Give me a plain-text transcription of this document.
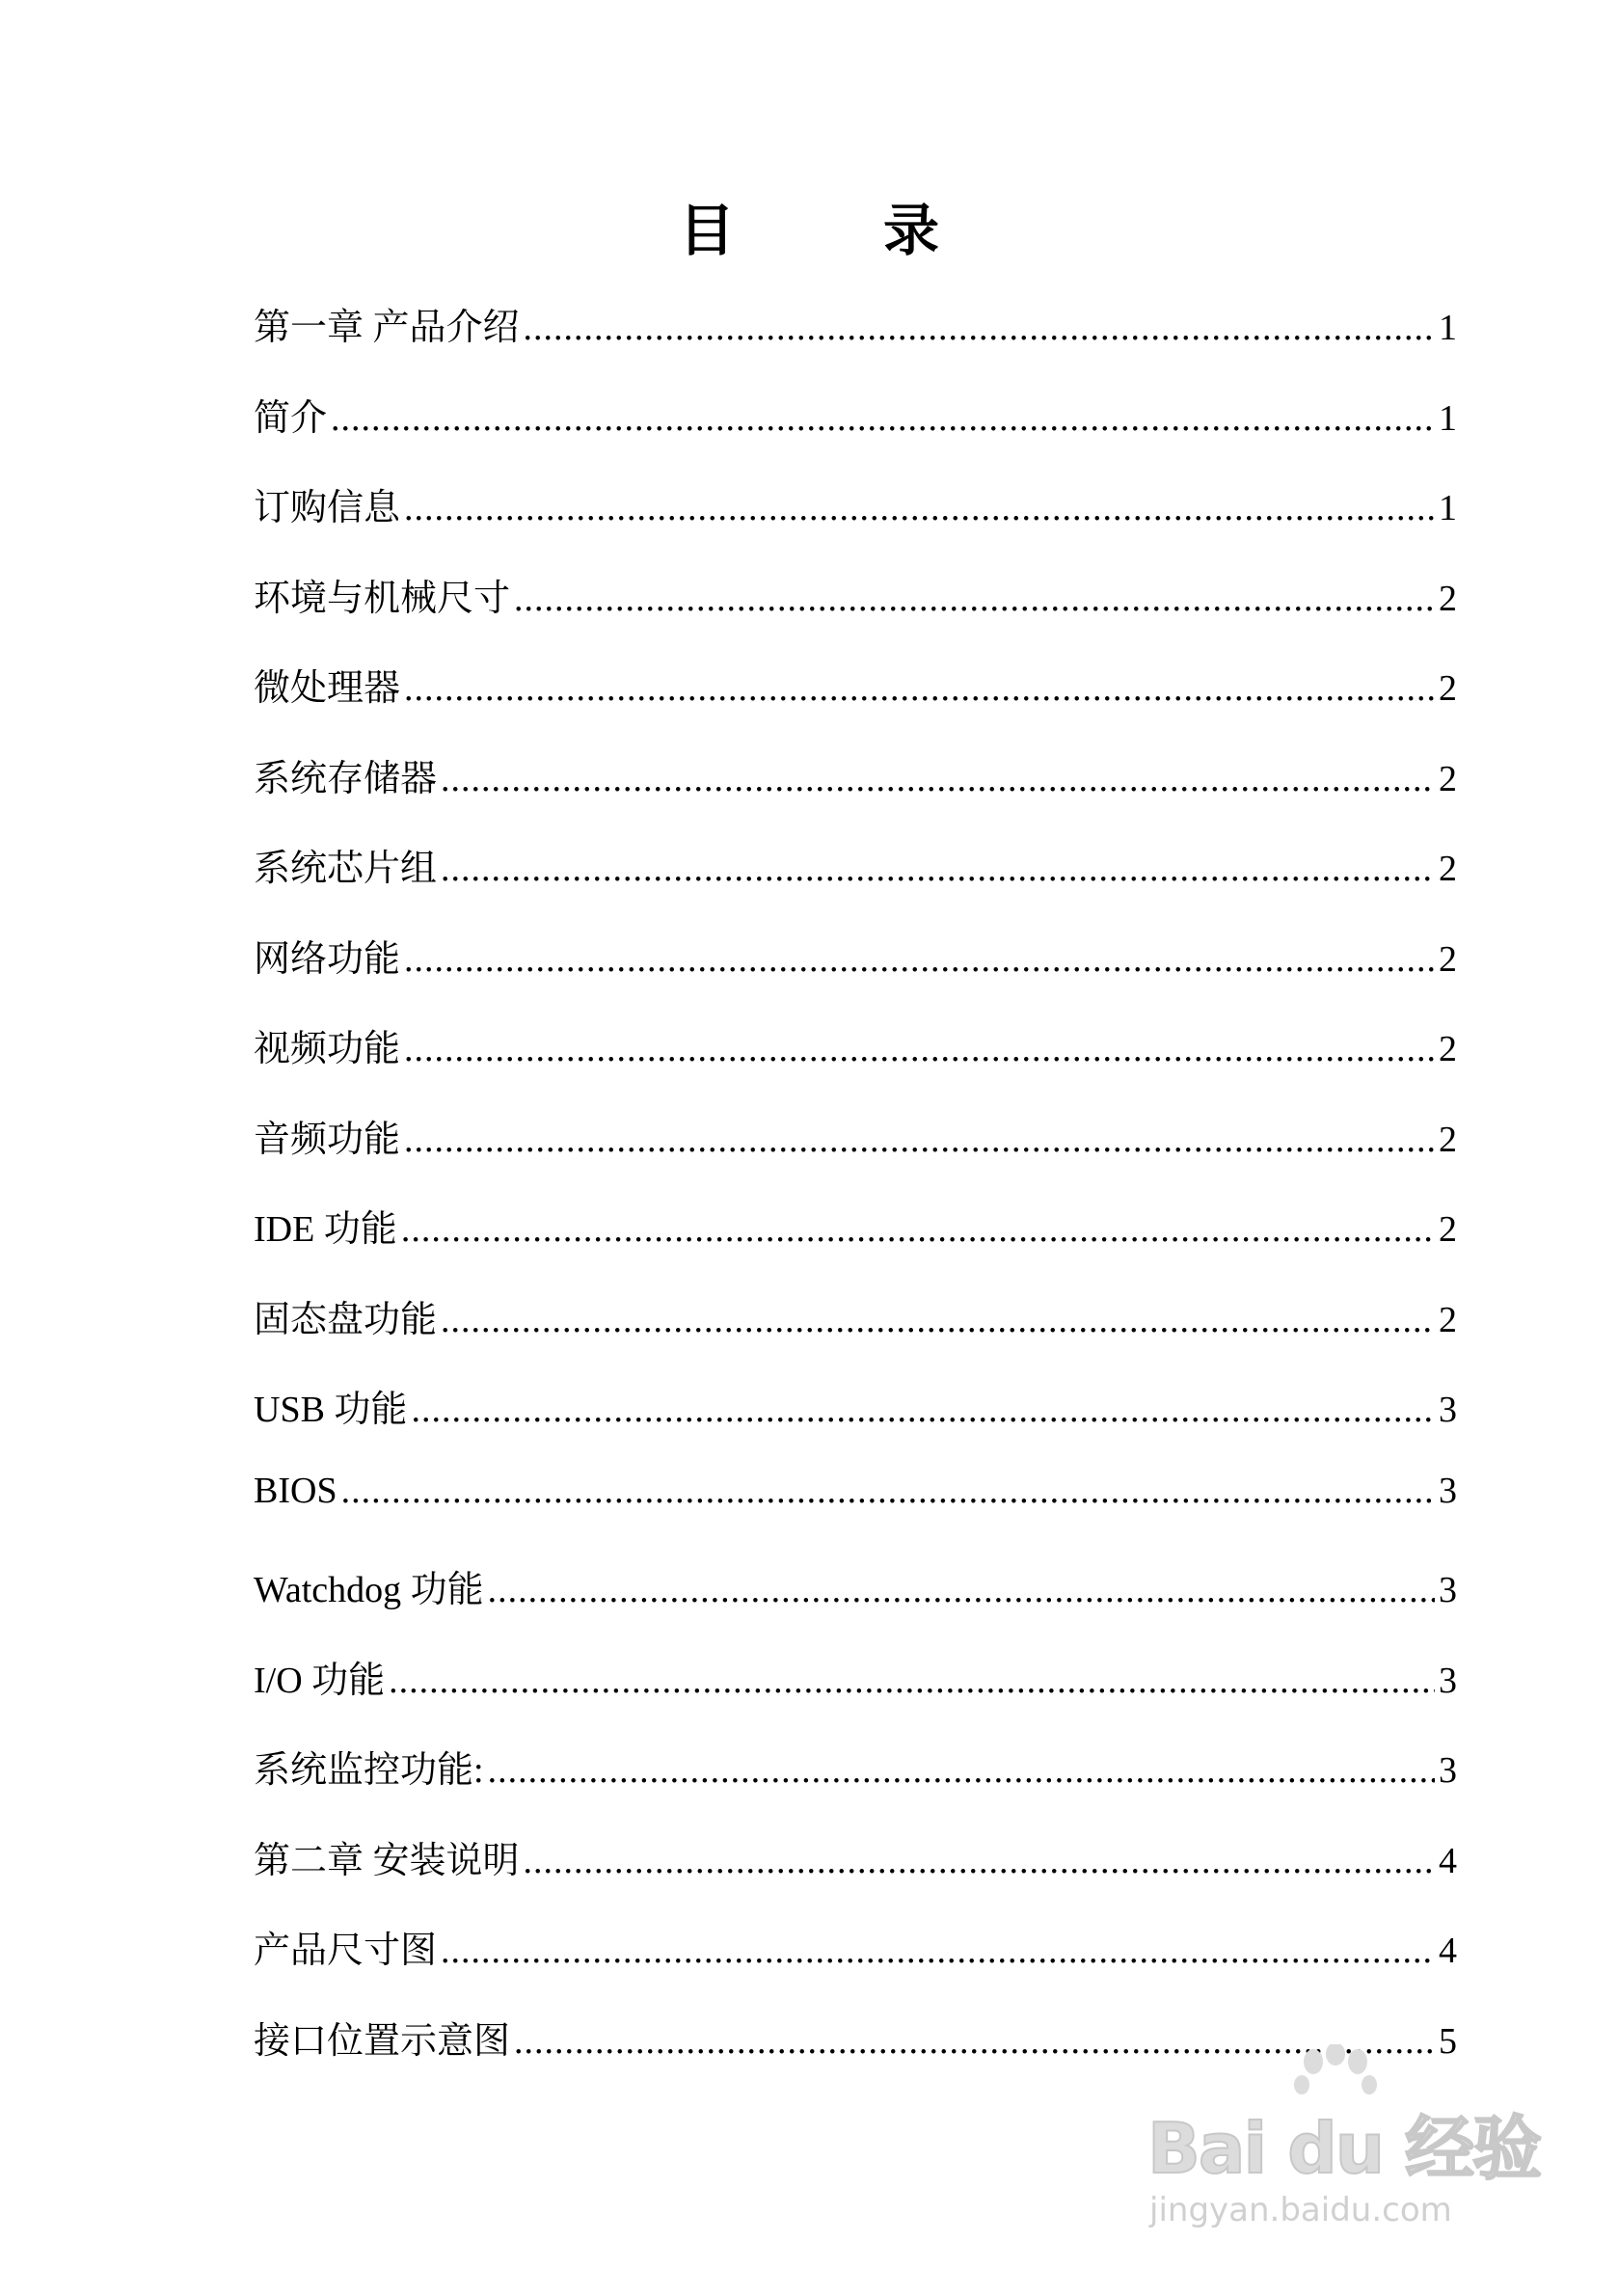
目　录
第一章 产品介绍 .....	1
简介 .....	1
订购信息 .....	1
环境与机械尺寸 .....	2
微处理器 .....	2
系统存储器 .....	2
系统芯片组 .....	2
网络功能 .....	2
视频功能 .....	2
音频功能 .....	2
IDE 功能 .....	2
固态盘功能 .....	2
USB 功能 .....	3
BIOS .....	3
Watchdog 功能 .....	3
I/O 功能 .....	3
系统监控功能: .....	3
第二章 安装说明 .....	4
产品尺寸图 .....	4
接口位置示意图 .....	5
Bai du 经验
jingyan.baidu.com
